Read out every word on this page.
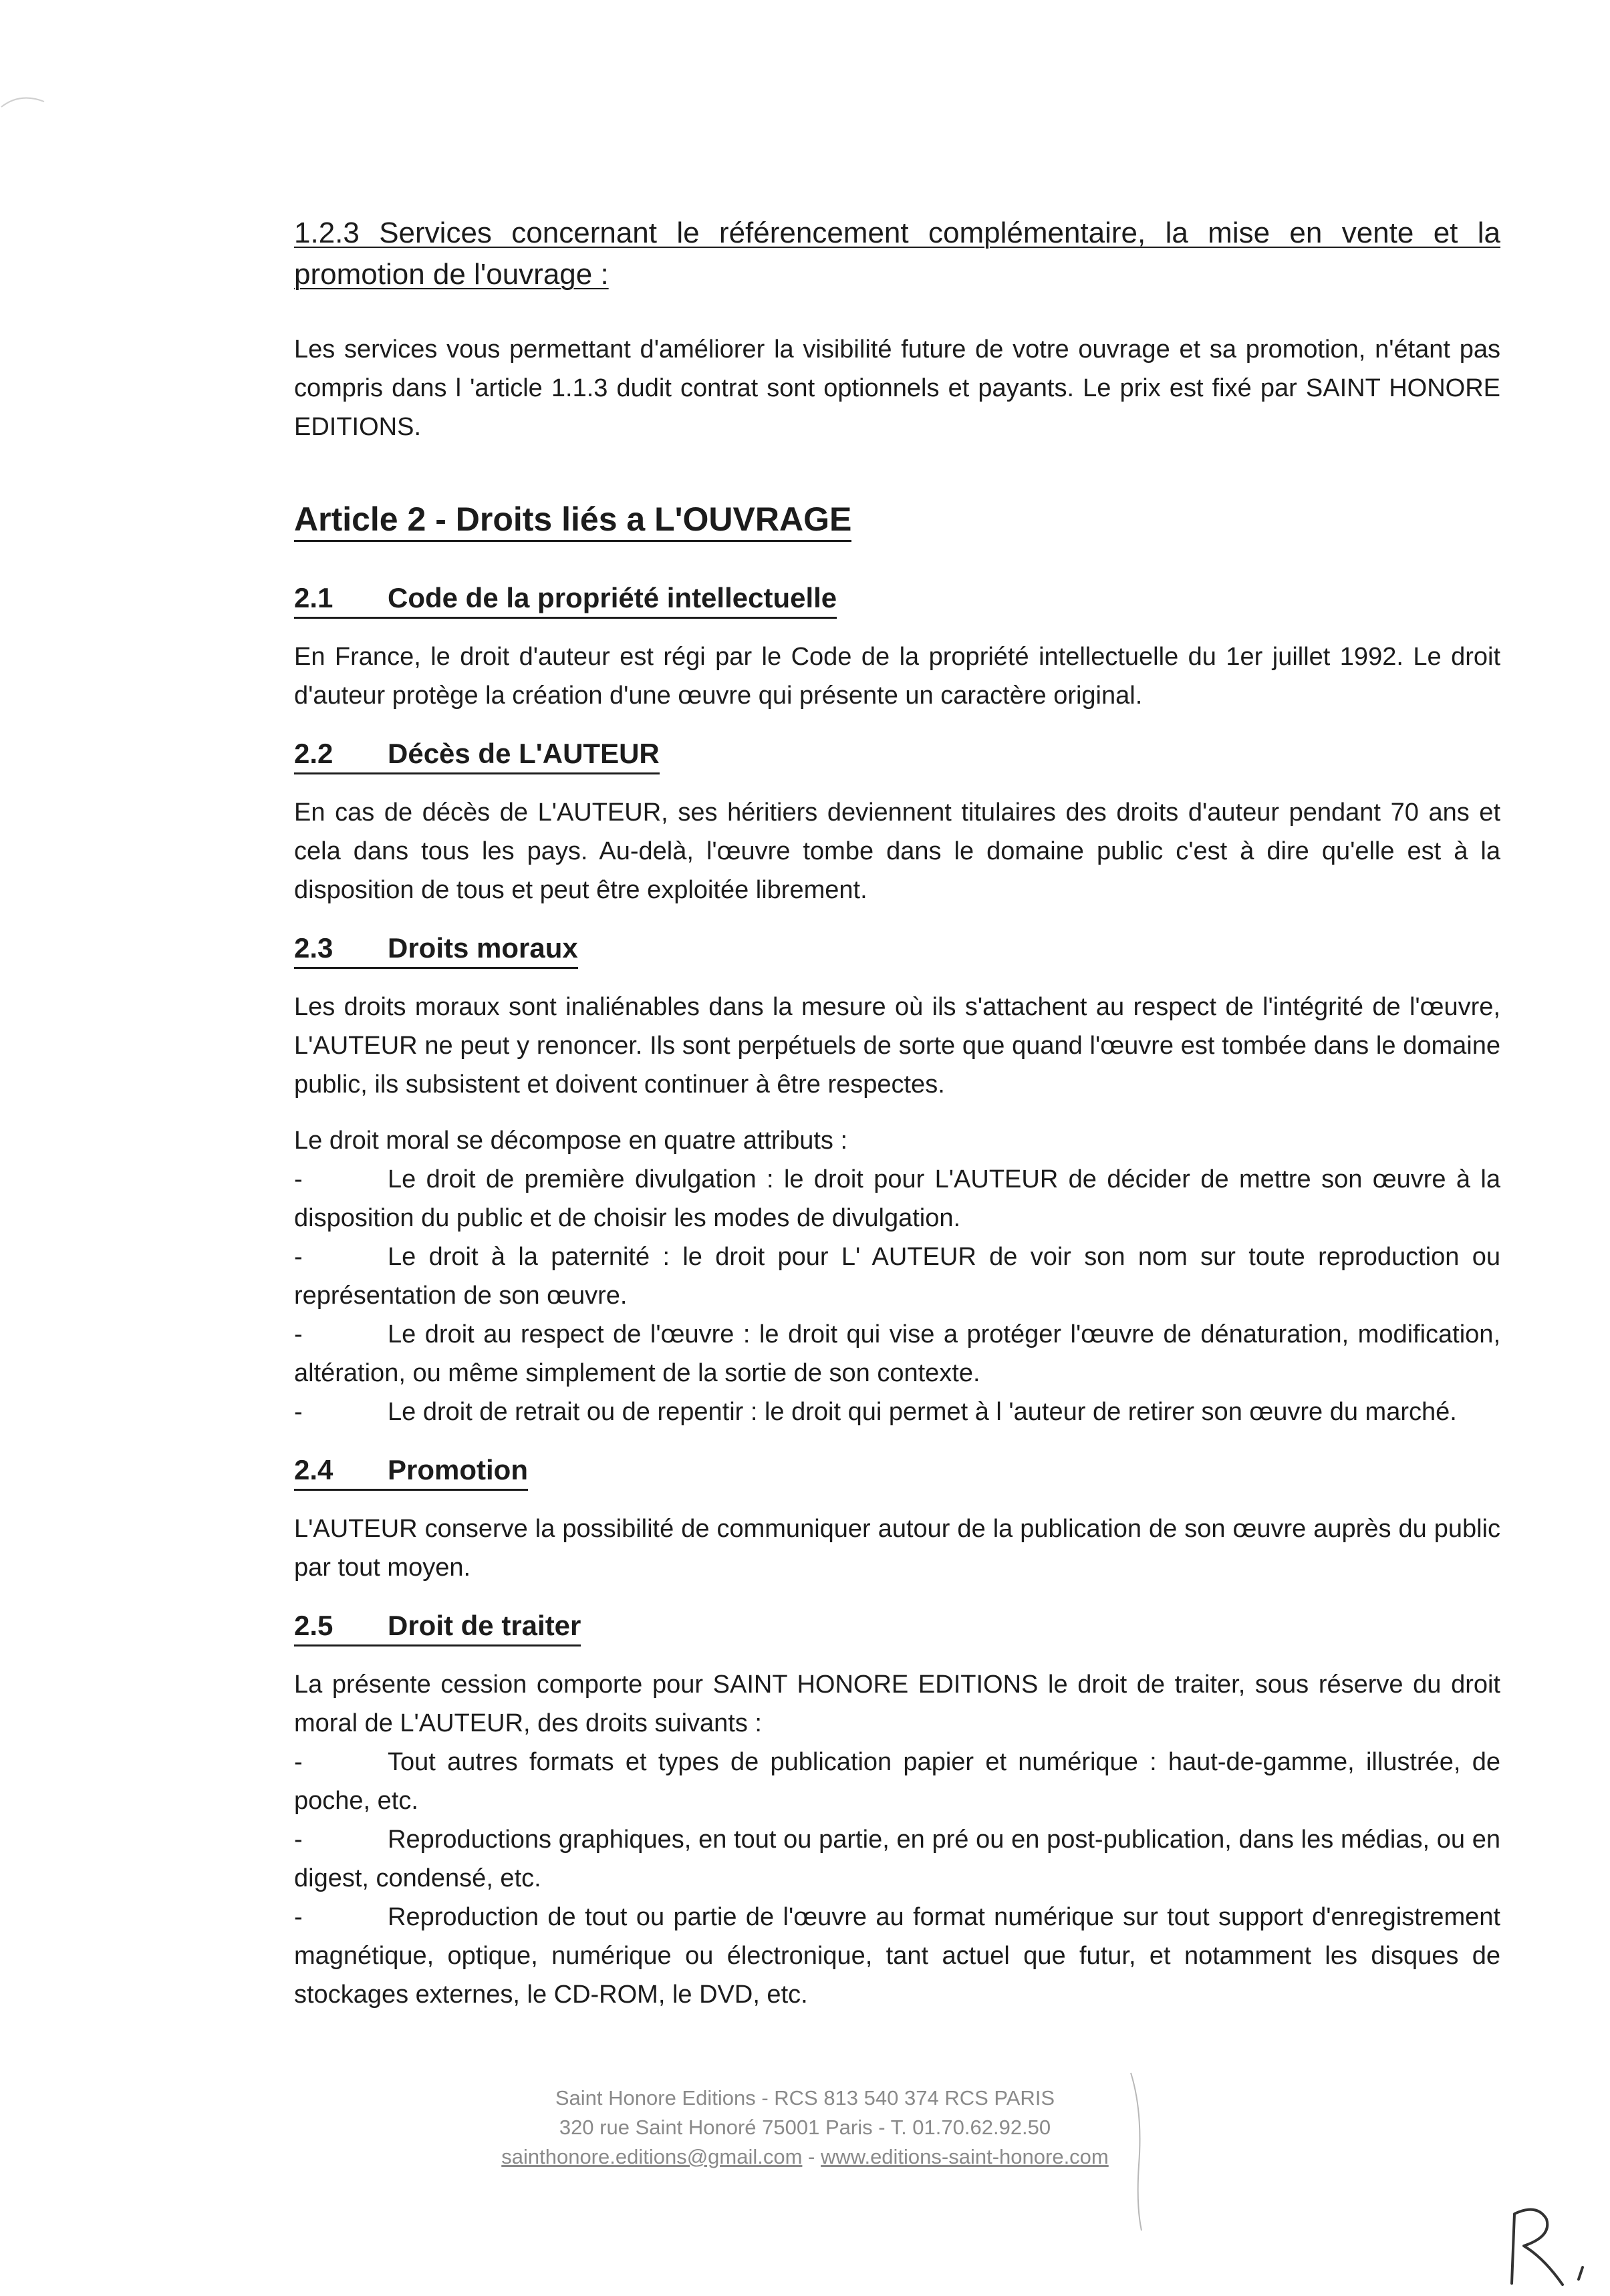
1.2.3 Services concernant le référencement complémentaire, la mise en vente et la promotion de l'ouvrage :

Les services vous permettant d'améliorer la visibilité future de votre ouvrage et sa promotion, n'étant pas compris dans l 'article 1.1.3 dudit contrat sont optionnels et payants. Le prix est fixé par SAINT HONORE EDITIONS.

Article 2 - Droits liés a L'OUVRAGE
2.1	Code de la propriété intellectuelle

En France, le droit d'auteur est régi par le Code de la propriété intellectuelle du 1er juillet 1992. Le droit d'auteur protège la création d'une œuvre qui présente un caractère original.

2.2	Décès de L'AUTEUR

En cas de décès de L'AUTEUR, ses héritiers deviennent titulaires des droits d'auteur pendant 70 ans et cela dans tous les pays. Au-delà, l'œuvre tombe dans le domaine public c'est à dire qu'elle est à la disposition de tous et peut être exploitée librement.

2.3	Droits moraux

Les droits moraux sont inaliénables dans la mesure où ils s'attachent au respect de l'intégrité de l'œuvre, L'AUTEUR ne peut y renoncer. Ils sont perpétuels de sorte que quand l'œuvre est tombée dans le domaine public, ils subsistent et doivent continuer à être respectes.

Le droit moral se décompose en quatre attributs :

-	Le droit de première divulgation : le droit pour L'AUTEUR de décider de mettre son œuvre à la disposition du public et de choisir les modes de divulgation.

-	Le droit à la paternité : le droit pour L' AUTEUR de voir son nom sur toute reproduction ou représentation de son œuvre.

-	Le droit au respect de l'œuvre : le droit qui vise a protéger l'œuvre de dénaturation, modification, altération, ou même simplement de la sortie de son contexte.

-	Le droit de retrait ou de repentir : le droit qui permet à l 'auteur de retirer son œuvre du marché.

2.4	Promotion

L'AUTEUR conserve la possibilité de communiquer autour de la publication de son œuvre auprès du public par tout moyen.

2.5	Droit de traiter

La présente cession comporte pour SAINT HONORE EDITIONS le droit de traiter, sous réserve du droit moral de L'AUTEUR, des droits suivants :

-	Tout autres formats et types de publication papier et numérique : haut-de-gamme, illustrée, de poche, etc.

-	Reproductions graphiques, en tout ou partie, en pré ou en post-publication, dans les médias, ou en digest, condensé, etc.

-	Reproduction de tout ou partie de l'œuvre au format numérique sur tout support d'enregistrement magnétique, optique, numérique ou électronique, tant actuel que futur, et notamment les disques de stockages externes, le CD-ROM, le DVD, etc.

Saint Honore Editions - RCS 813 540 374 RCS PARIS
320 rue Saint Honoré 75001 Paris - T. 01.70.62.92.50
sainthonore.editions@gmail.com - www.editions-saint-honore.com
